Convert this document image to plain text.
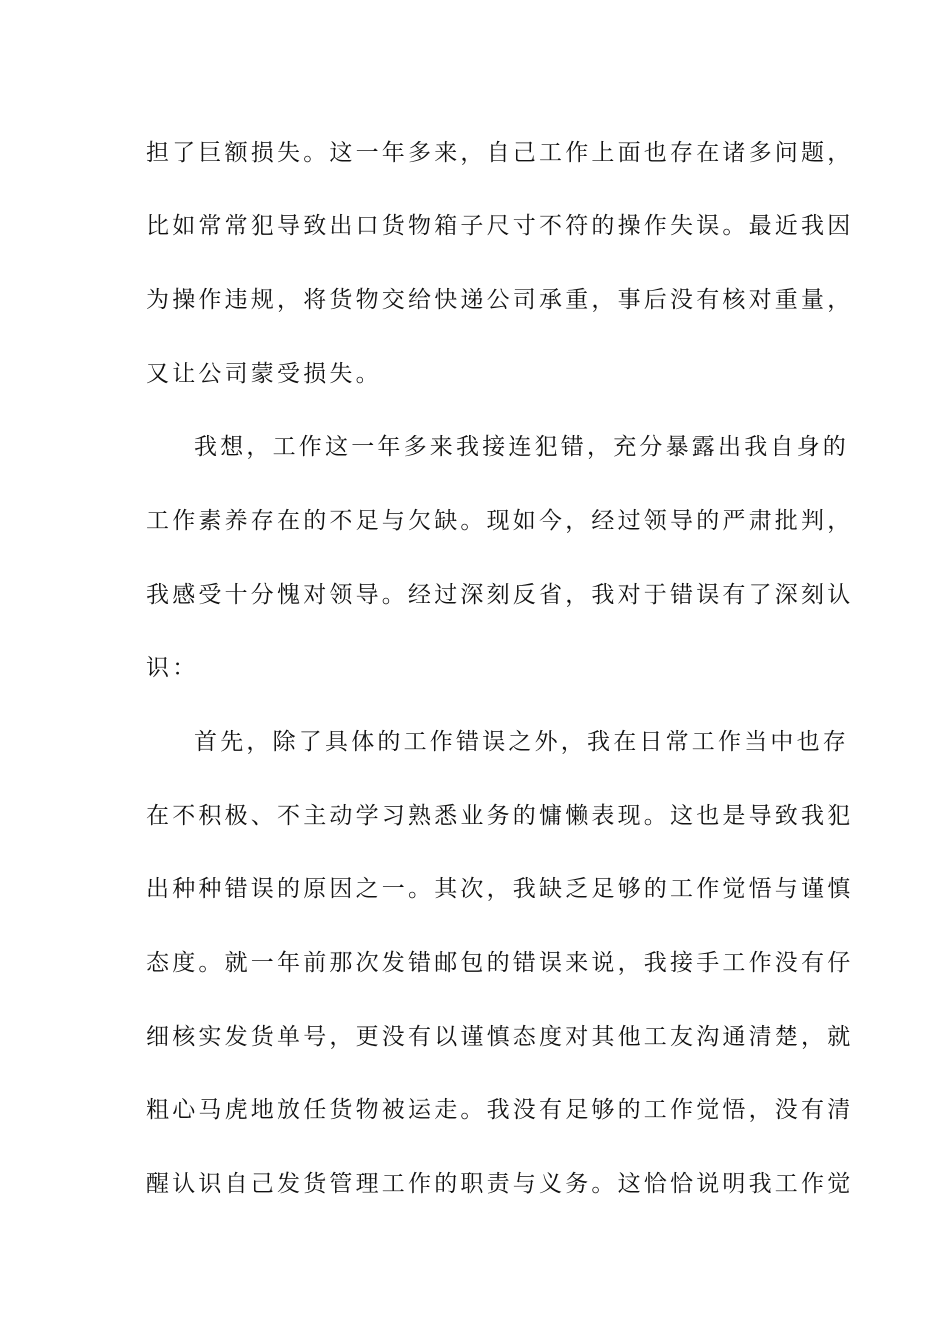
担了巨额损失。这一年多来，自己工作上面也存在诸多问题，
比如常常犯导致出口货物箱子尺寸不符的操作失误。最近我因
为操作违规，将货物交给快递公司承重，事后没有核对重量，
又让公司蒙受损失。
我想，工作这一年多来我接连犯错，充分暴露出我自身的
工作素养存在的不足与欠缺。现如今，经过领导的严肃批判，
我感受十分愧对领导。经过深刻反省，我对于错误有了深刻认
识：
首先，除了具体的工作错误之外，我在日常工作当中也存
在不积极、不主动学习熟悉业务的慵懒表现。这也是导致我犯
出种种错误的原因之一。其次，我缺乏足够的工作觉悟与谨慎
态度。就一年前那次发错邮包的错误来说，我接手工作没有仔
细核实发货单号，更没有以谨慎态度对其他工友沟通清楚，就
粗心马虎地放任货物被运走。我没有足够的工作觉悟，没有清
醒认识自己发货管理工作的职责与义务。这恰恰说明我工作觉
